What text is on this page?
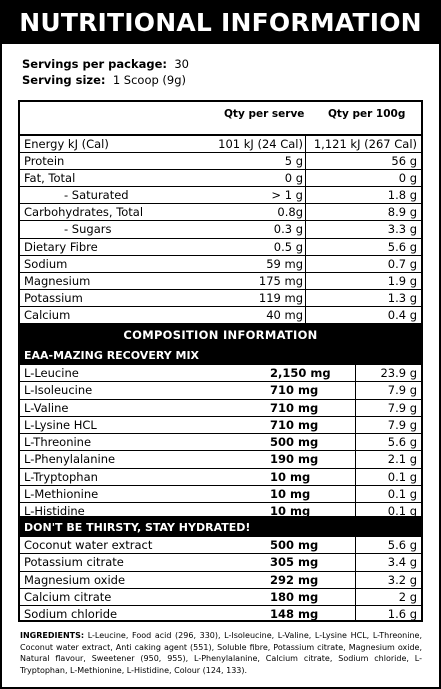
NUTRITIONAL INFORMATION
Servings per package: 30
Serving size: 1 Scoop (9g)
Qty per serve Qty per 100g
Energy kJ (Cal)	101 kJ (24 Cal) 1,121 kJ (267 Cal)
Protein	5 g	56 g
Fat, Total	0 g	0 g
- Saturated	> 1 g	1.8 g
Carbohydrates, Total	0.8g	8.9 g
- Sugars	0.3 g	3.3 g
Dietary Fibre	0.5 g	5.6 g
Sodium	59 mg	0.7 g
Magnesium	175 mg	1.9 g
Potassium	119 mg	1.3 g
Calcium	40 mg	0.4 g
COMPOSITION INFORMATION
EAA-MAZING RECOVERY MIX
L-Leucine	2,150 mg	23.9 g
L-Isoleucine	710 mg	7.9 g
L-Valine	710 mg	7.9 g
L-Lysine HCL	710 mg	7.9 g
L-Threonine	500 mg	5.6 g
L-Phenylalanine	190 mg	2.1 g
L-Tryptophan	10 mg	0.1 g
L-Methionine	10 mg	0.1 g
L-Histidine	10 mg	0.1 g
DON'T BE THIRSTY, STAY HYDRATED!
Coconut water extract	500 mg	5.6 g
Potassium citrate	305 mg	3.4 g
Magnesium oxide	292 mg	3.2 g
Calcium citrate	180 mg	2 g
Sodium chloride	148 mg	1.6 g
INGREDIENTS: L-Leucine, Food acid (296, 330), L-Isoleucine, L-Valine, L-Lysine HCL, L-Threonine, Coconut water extract, Anti caking agent (551), Soluble fibre, Potassium citrate, Magnesium oxide, Natural flavour, Sweetener (950, 955), L-Phenylalanine, Calcium citrate, Sodium chloride, L-Tryptophan, L-Methionine, L-Histidine, Colour (124, 133).
